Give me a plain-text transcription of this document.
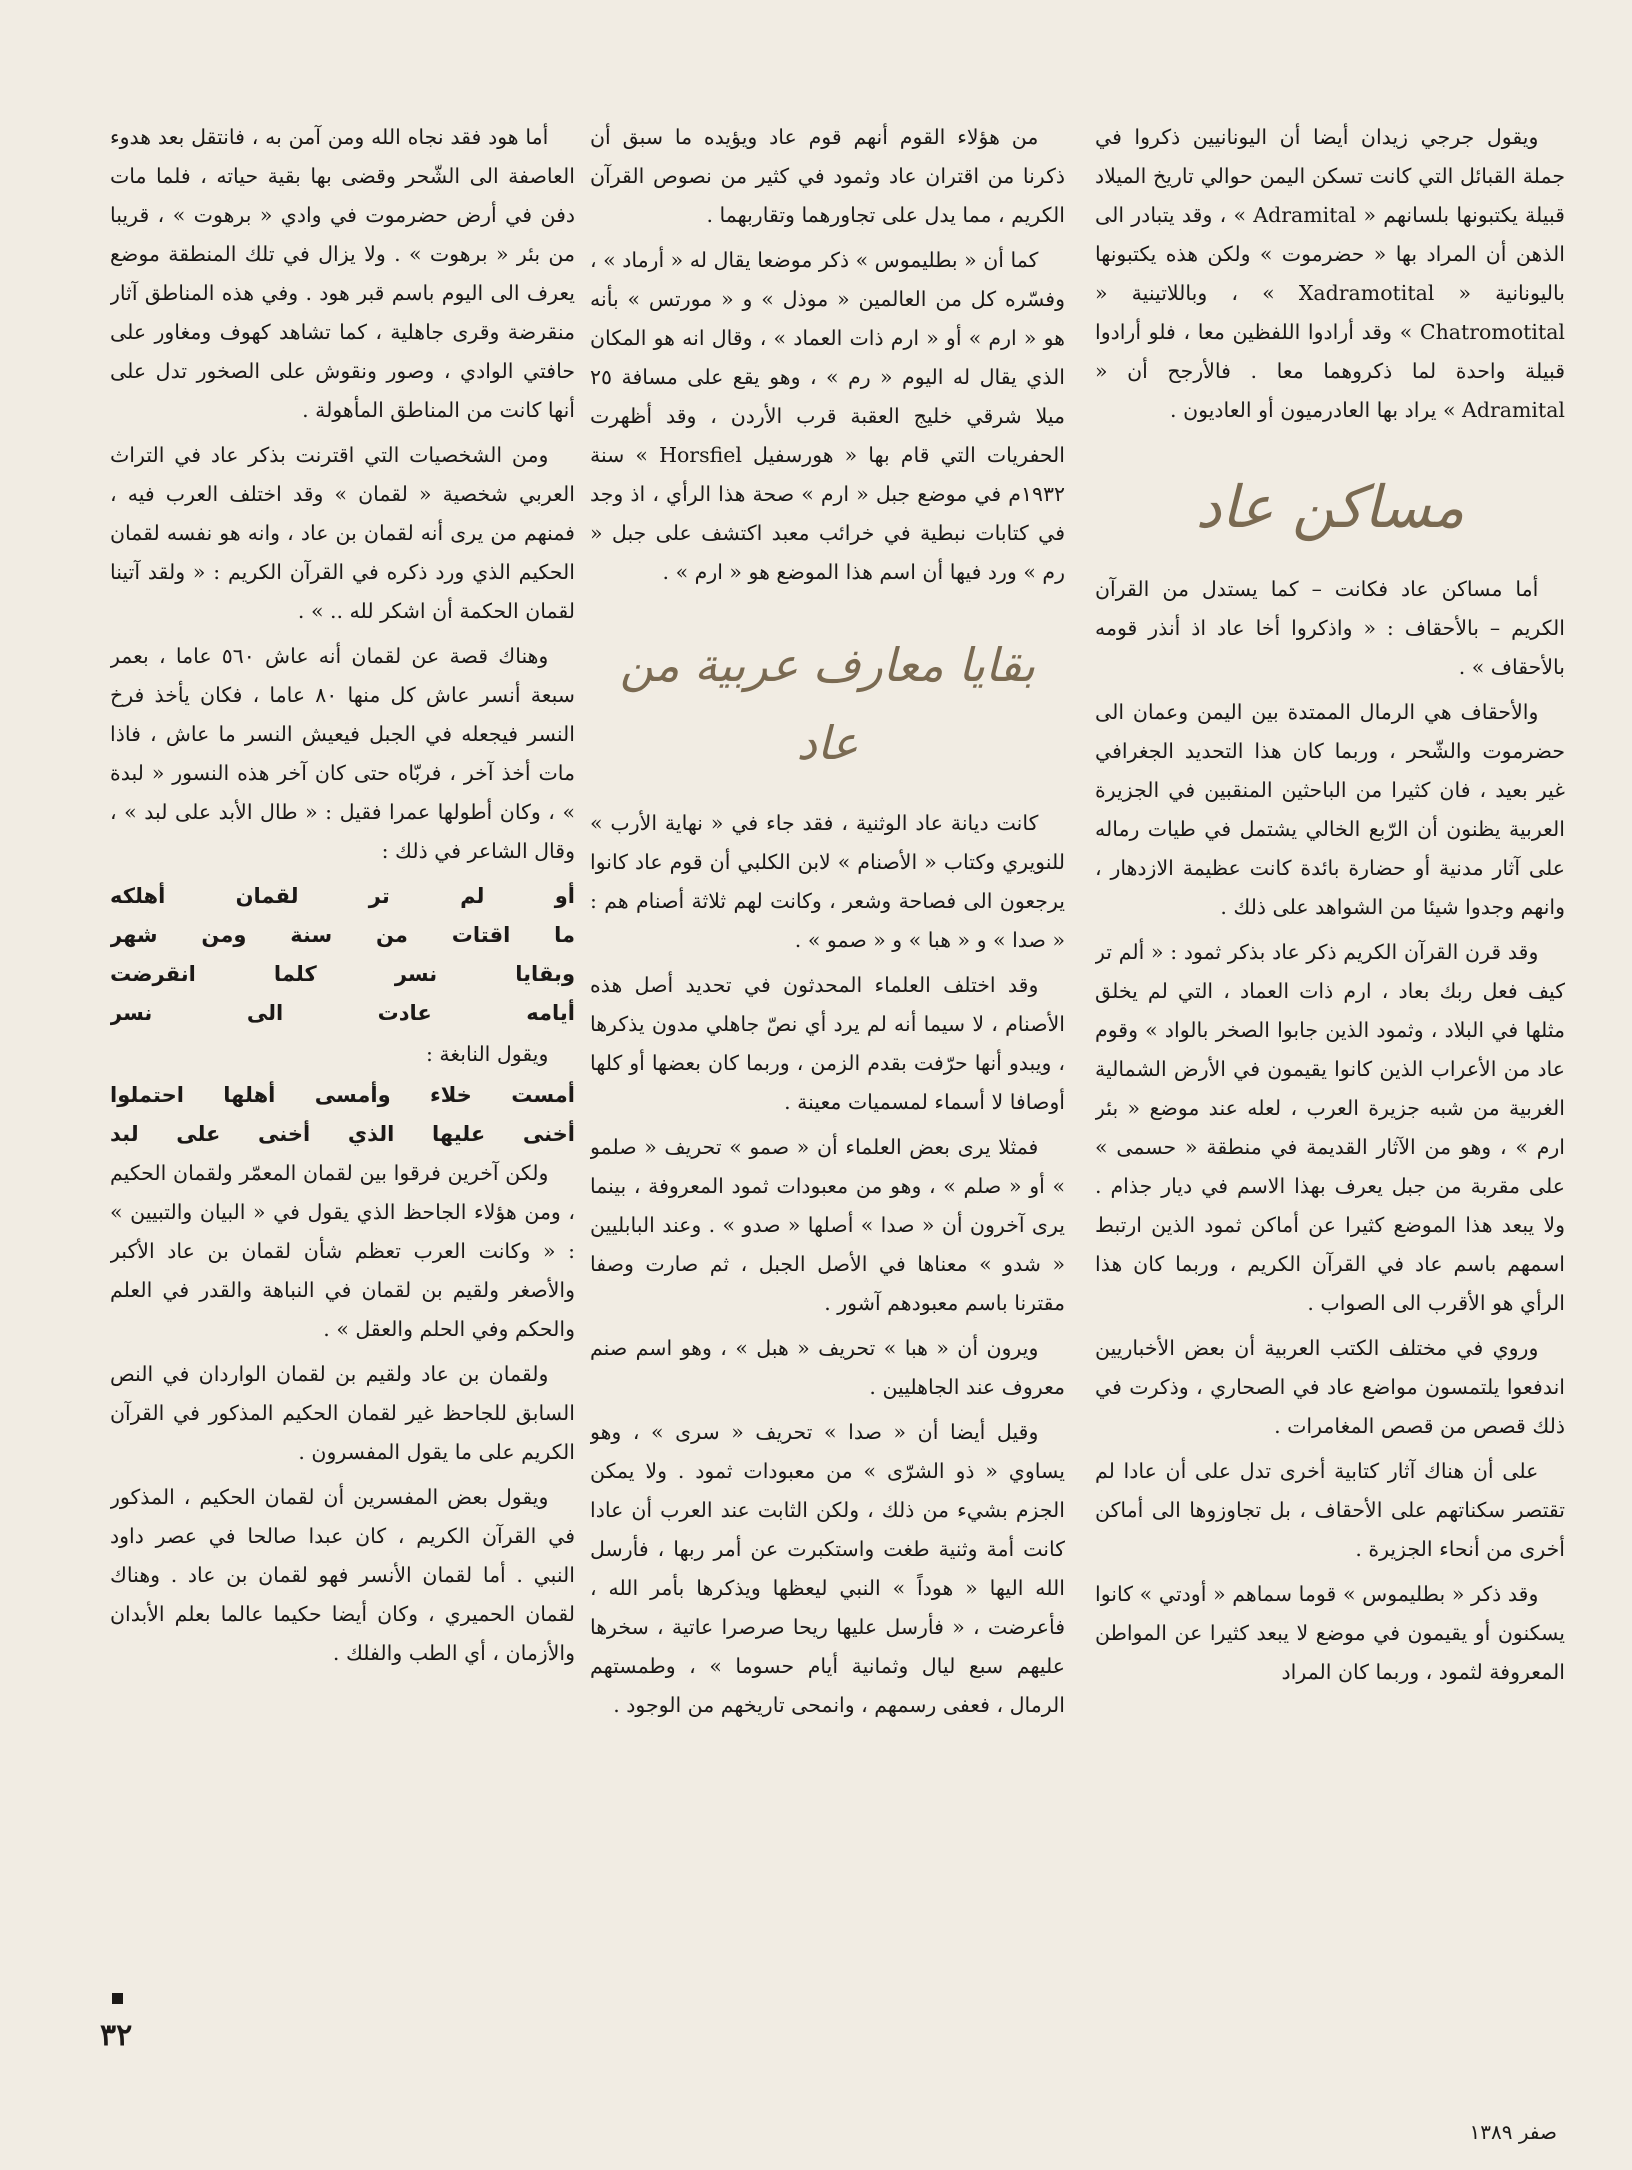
ويقول جرجي زيدان أيضا أن اليونانيين ذكروا في جملة القبائل التي كانت تسكن اليمن حوالي تاريخ الميلاد قبيلة يكتبونها بلسانهم « Adramital » ، وقد يتبادر الى الذهن أن المراد بها « حضرموت » ولكن هذه يكتبونها باليونانية « Xadramotital » ، وباللاتينية « Chatromotital » وقد أرادوا اللفظين معا ، فلو أرادوا قبيلة واحدة لما ذكروهما معا . فالأرجح أن « Adramital » يراد بها العادرميون أو العاديون .

مساكن عاد

أما مساكن عاد فكانت – كما يستدل من القرآن الكريم – بالأحقاف : « واذكروا أخا عاد اذ أنذر قومه بالأحقاف » .

والأحقاف هي الرمال الممتدة بين اليمن وعمان الى حضرموت والشّحر ، وربما كان هذا التحديد الجغرافي غير بعيد ، فان كثيرا من الباحثين المنقبين في الجزيرة العربية يظنون أن الرّبع الخالي يشتمل في طيات رماله على آثار مدنية أو حضارة بائدة كانت عظيمة الازدهار ، وانهم وجدوا شيئا من الشواهد على ذلك .

وقد قرن القرآن الكريم ذكر عاد بذكر ثمود : « ألم تر كيف فعل ربك بعاد ، ارم ذات العماد ، التي لم يخلق مثلها في البلاد ، وثمود الذين جابوا الصخر بالواد » وقوم عاد من الأعراب الذين كانوا يقيمون في الأرض الشمالية الغربية من شبه جزيرة العرب ، لعله عند موضع « بئر ارم » ، وهو من الآثار القديمة في منطقة « حسمى » على مقربة من جبل يعرف بهذا الاسم في ديار جذام . ولا يبعد هذا الموضع كثيرا عن أماكن ثمود الذين ارتبط اسمهم باسم عاد في القرآن الكريم ، وربما كان هذا الرأي هو الأقرب الى الصواب .

وروي في مختلف الكتب العربية أن بعض الأخباريين اندفعوا يلتمسون مواضع عاد في الصحاري ، وذكرت في ذلك قصص من قصص المغامرات .

على أن هناك آثار كتابية أخرى تدل على أن عادا لم تقتصر سكناتهم على الأحقاف ، بل تجاوزوها الى أماكن أخرى من أنحاء الجزيرة .

وقد ذكر « بطليموس » قوما سماهم « أودتي » كانوا يسكنون أو يقيمون في موضع لا يبعد كثيرا عن المواطن المعروفة لثمود ، وربما كان المراد

من هؤلاء القوم أنهم قوم عاد ويؤيده ما سبق أن ذكرنا من اقتران عاد وثمود في كثير من نصوص القرآن الكريم ، مما يدل على تجاورهما وتقاربهما .

كما أن « بطليموس » ذكر موضعا يقال له « أرماد » ، وفسّره كل من العالمين « موذل » و « مورتس » بأنه هو « ارم » أو « ارم ذات العماد » ، وقال انه هو المكان الذي يقال له اليوم « رم » ، وهو يقع على مسافة ٢٥ ميلا شرقي خليج العقبة قرب الأردن ، وقد أظهرت الحفريات التي قام بها « هورسفيل Horsfiel » سنة ١٩٣٢م في موضع جبل « ارم » صحة هذا الرأي ، اذ وجد في كتابات نبطية في خرائب معبد اكتشف على جبل « رم » ورد فيها أن اسم هذا الموضع هو « ارم » .

بقايا معارف عربية من عاد

كانت ديانة عاد الوثنية ، فقد جاء في « نهاية الأرب » للنويري وكتاب « الأصنام » لابن الكلبي أن قوم عاد كانوا يرجعون الى فصاحة وشعر ، وكانت لهم ثلاثة أصنام هم : « صدا » و « هبا » و « صمو » .

وقد اختلف العلماء المحدثون في تحديد أصل هذه الأصنام ، لا سيما أنه لم يرد أي نصّ جاهلي مدون يذكرها ، ويبدو أنها حرّفت بقدم الزمن ، وربما كان بعضها أو كلها أوصافا لا أسماء لمسميات معينة .

فمثلا يرى بعض العلماء أن « صمو » تحريف « صلمو » أو « صلم » ، وهو من معبودات ثمود المعروفة ، بينما يرى آخرون أن « صدا » أصلها « صدو » . وعند البابليين « شدو » معناها في الأصل الجبل ، ثم صارت وصفا مقترنا باسم معبودهم آشور .

ويرون أن « هبا » تحريف « هبل » ، وهو اسم صنم معروف عند الجاهليين .

وقيل أيضا أن « صدا » تحريف « سرى » ، وهو يساوي « ذو الشرّى » من معبودات ثمود . ولا يمكن الجزم بشيء من ذلك ، ولكن الثابت عند العرب أن عادا كانت أمة وثنية طغت واستكبرت عن أمر ربها ، فأرسل الله اليها « هوداً » النبي ليعظها ويذكرها بأمر الله ، فأعرضت ، « فأرسل عليها ريحا صرصرا عاتية ، سخرها عليهم سبع ليال وثمانية أيام حسوما » ، وطمستهم الرمال ، فعفى رسمهم ، وانمحى تاريخهم من الوجود .

أما هود فقد نجاه الله ومن آمن به ، فانتقل بعد هدوء العاصفة الى الشّحر وقضى بها بقية حياته ، فلما مات دفن في أرض حضرموت في وادي « برهوت » ، قريبا من بئر « برهوت » . ولا يزال في تلك المنطقة موضع يعرف الى اليوم باسم قبر هود . وفي هذه المناطق آثار منقرضة وقرى جاهلية ، كما تشاهد كهوف ومغاور على حافتي الوادي ، وصور ونقوش على الصخور تدل على أنها كانت من المناطق المأهولة .

ومن الشخصيات التي اقترنت بذكر عاد في التراث العربي شخصية « لقمان » وقد اختلف العرب فيه ، فمنهم من يرى أنه لقمان بن عاد ، وانه هو نفسه لقمان الحكيم الذي ورد ذكره في القرآن الكريم : « ولقد آتينا لقمان الحكمة أن اشكر لله .. » .

وهناك قصة عن لقمان أنه عاش ٥٦٠ عاما ، بعمر سبعة أنسر عاش كل منها ٨٠ عاما ، فكان يأخذ فرخ النسر فيجعله في الجبل فيعيش النسر ما عاش ، فاذا مات أخذ آخر ، فربّاه حتى كان آخر هذه النسور « لبدة » ، وكان أطولها عمرا فقيل : « طال الأبد على لبد » ، وقال الشاعر في ذلك :

أو لم تر لقمان أهلكه

ما اقتات من سنة ومن شهر

وبقايا نسر كلما انقرضت

أيامه عادت الى نسر

ويقول النابغة :

أمست خلاء وأمسى أهلها احتملوا

أخنى عليها الذي أخنى على لبد

ولكن آخرين فرقوا بين لقمان المعمّر ولقمان الحكيم ، ومن هؤلاء الجاحظ الذي يقول في « البيان والتبيين » : « وكانت العرب تعظم شأن لقمان بن عاد الأكبر والأصغر ولقيم بن لقمان في النباهة والقدر في العلم والحكم وفي الحلم والعقل » .

ولقمان بن عاد ولقيم بن لقمان الواردان في النص السابق للجاحظ غير لقمان الحكيم المذكور في القرآن الكريم على ما يقول المفسرون .

ويقول بعض المفسرين أن لقمان الحكيم ، المذكور في القرآن الكريم ، كان عبدا صالحا في عصر داود النبي . أما لقمان الأنسر فهو لقمان بن عاد . وهناك لقمان الحميري ، وكان أيضا حكيما عالما بعلم الأبدان والأزمان ، أي الطب والفلك .

٣٢
صفر ١٣٨٩
